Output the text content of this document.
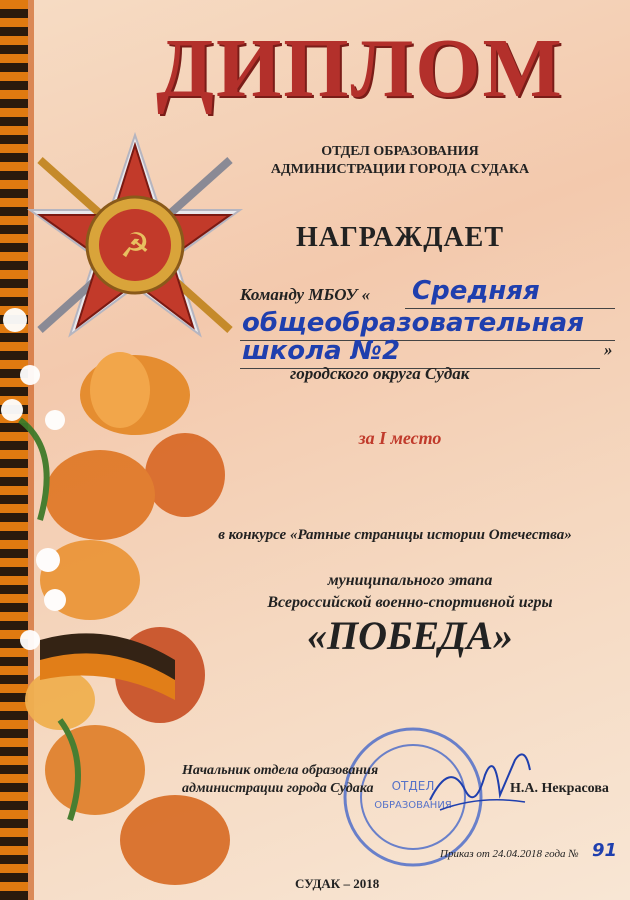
☭
ДИПЛОМ
ОТДЕЛ ОБРАЗОВАНИЯ
АДМИНИСТРАЦИИ ГОРОДА СУДАКА
НАГРАЖДАЕТ
Команду МБОУ « Средняя
общеобразовательная
школа №2	»
городского округа Судак
за I место
в конкурсе «Ратные страницы истории Отечества»
муниципального этапа
Всероссийской военно-спортивной игры
«ПОБЕДА»
ОТДЕЛ
ОБРАЗОВАНИЯ
Начальник отдела образования
администрации города Судака	Н.А. Некрасова
Приказ от 24.04.2018 года № 91
СУДАК – 2018
